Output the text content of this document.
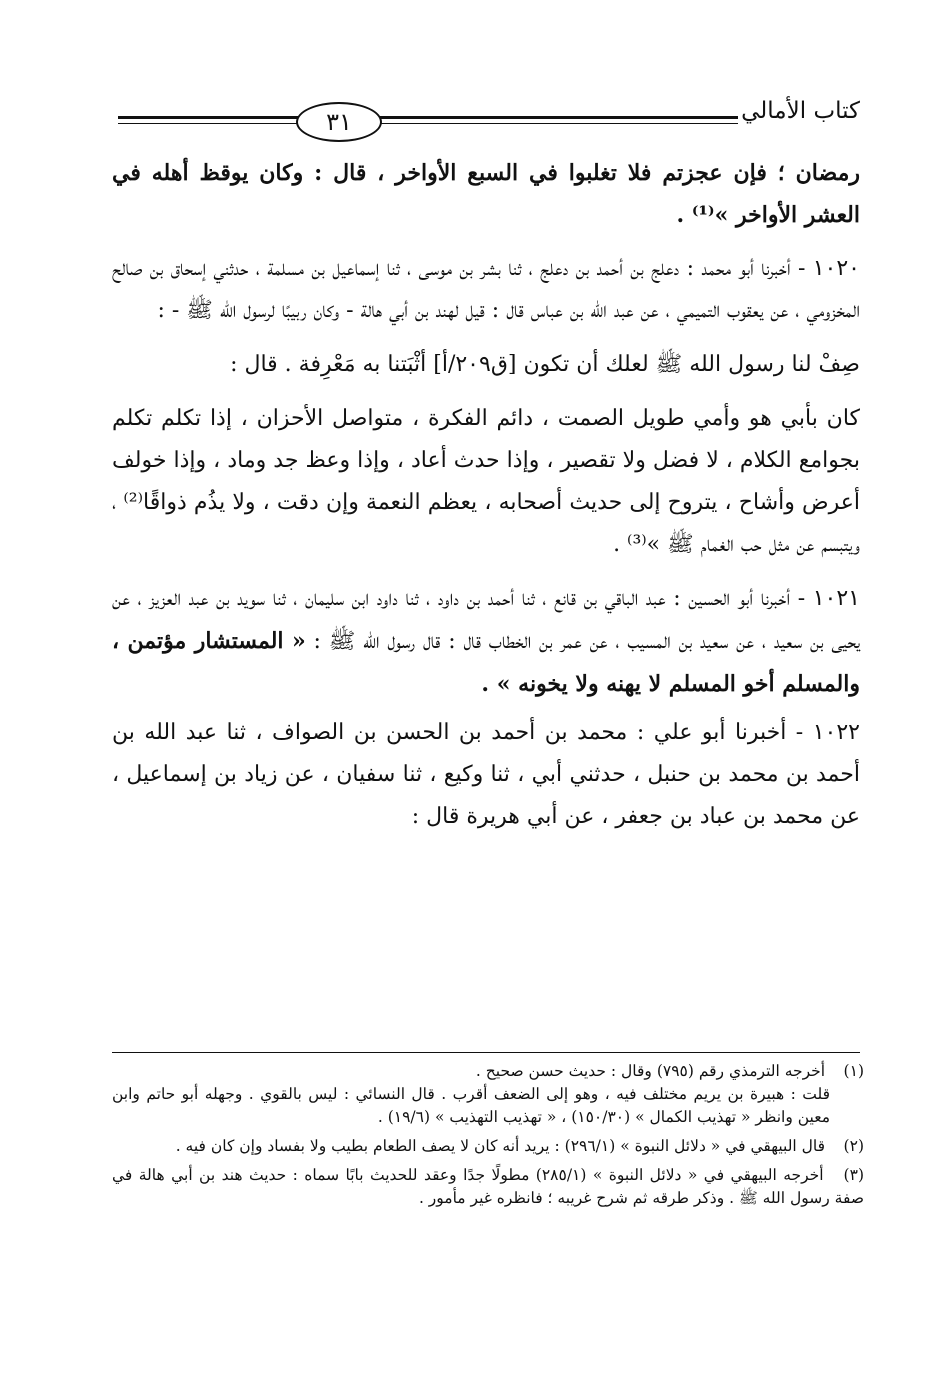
٣١	كتاب الأمالي

رمضان ؛ فإن عجزتم فلا تغلبوا في السبع الأواخر ، قال : وكان يوقظ أهله في العشر الأواخر »⁽¹⁾ .

١٠٢٠ - أخبرنا أبو محمد : دعلج بن أحمد بن دعلج ، ثنا بشر بن موسى ، ثنا إسماعيل بن مسلمة ، حدثني إسحاق بن صالح المخزومي ، عن يعقوب التميمي ، عن عبد الله بن عباس قال : قيل لهند بن أبي هالة - وكان ربيبًا لرسول الله ﷺ - :

صِفْ لنا رسول الله ﷺ لعلك أن تكون [ق٢٠٩/أ] أثْبَتنا به مَعْرِفة . قال :

كان بأبي هو وأمي طويل الصمت ، دائم الفكرة ، متواصل الأحزان ، إذا تكلم تكلم بجوامع الكلام ، لا فضل ولا تقصير ، وإذا حدث أعاد ، وإذا وعظ جد وماد ، وإذا خولف أعرض وأشاح ، يتروح إلى حديث أصحابه ، يعظم النعمة وإن دقت ، ولا يذُم ذواقًا⁽²⁾ ، ويتبسم عن مثل حب الغمام ﷺ »⁽³⁾ .

١٠٢١ - أخبرنا أبو الحسين : عبد الباقي بن قانع ، ثنا أحمد بن داود ، ثنا داود ابن سليمان ، ثنا سويد بن عبد العزيز ، عن يحيى بن سعيد ، عن سعيد بن المسيب ، عن عمر بن الخطاب قال : قال رسول الله ﷺ : « المستشار مؤتمن ، والمسلم أخو المسلم لا يهنه ولا يخونه » .

١٠٢٢ - أخبرنا أبو علي : محمد بن أحمد بن الحسن بن الصواف ، ثنا عبد الله بن أحمد بن محمد بن حنبل ، حدثني أبي ، ثنا وكيع ، ثنا سفيان ، عن زياد بن إسماعيل ، عن محمد بن عباد بن جعفر ، عن أبي هريرة قال :

(١) أخرجه الترمذي رقم (٧٩٥) وقال : حديث حسن صحيح .
قلت : هبيرة بن يريم مختلف فيه ، وهو إلى الضعف أقرب . قال النسائي : ليس بالقوي . وجهله أبو حاتم وابن معين وانظر « تهذيب الكمال » (١٥٠/٣٠) ، « تهذيب التهذيب » (١٩/٦) .
(٢) قال البيهقي في « دلائل النبوة » (٢٩٦/١) : يريد أنه كان لا يصف الطعام بطيب ولا بفساد وإن كان فيه .
(٣) أخرجه البيهقي في « دلائل النبوة » (٢٨٥/١) مطولًا جدًا وعقد للحديث بابًا سماه : حديث هند بن أبي هالة في صفة رسول الله ﷺ . وذكر طرقه ثم شرح غريبه ؛ فانظره غير مأمور .
